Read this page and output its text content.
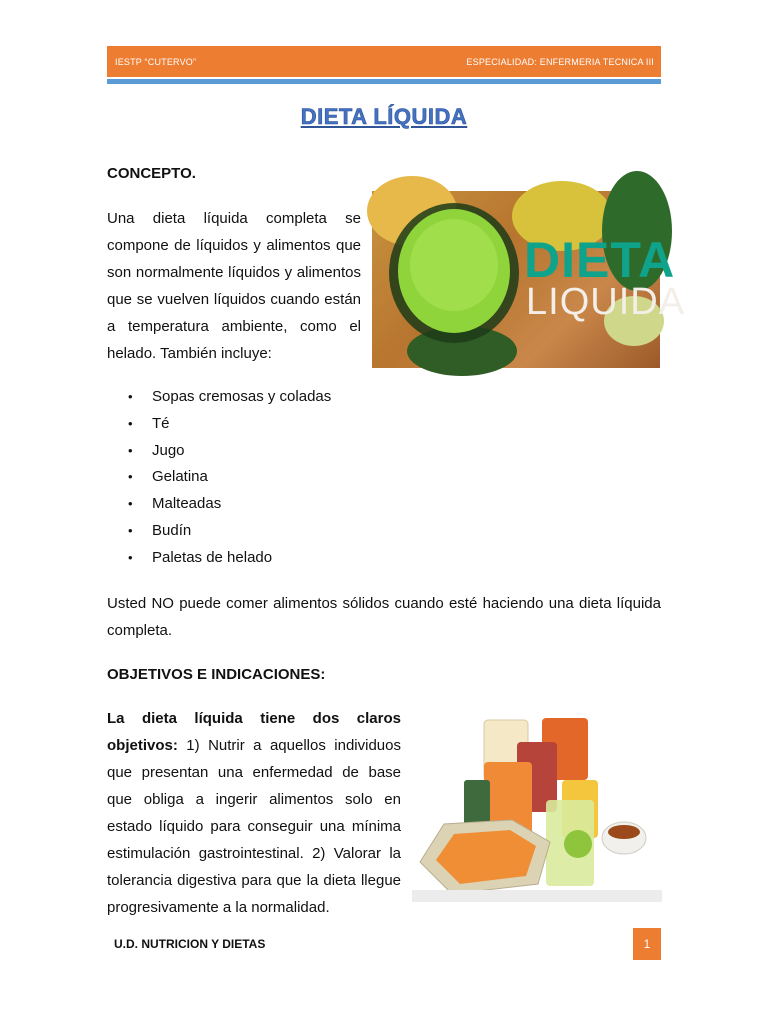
IESTP “CUTERVO”	ESPECIALIDAD: ENFERMERIA TECNICA III
DIETA LÍQUIDA
CONCEPTO.
Una dieta líquida completa se compone de líquidos y alimentos que son normalmente líquidos y alimentos que se vuelven líquidos cuando están a temperatura ambiente, como el helado. También incluye:
DIETA
LIQUIDA
• Sopas cremosas y coladas
• Té
• Jugo
• Gelatina
• Malteadas
• Budín
• Paletas de helado
Usted NO puede comer alimentos sólidos cuando esté haciendo una dieta líquida completa.
OBJETIVOS E INDICACIONES:
La dieta líquida tiene dos claros objetivos: 1) Nutrir a aquellos individuos que presentan una enfermedad de base que obliga a ingerir alimentos solo en estado líquido para conseguir una mínima estimulación gastrointestinal. 2) Valorar la tolerancia digestiva para que la dieta llegue progresivamente a la normalidad.
U.D. NUTRICION Y DIETAS	1
